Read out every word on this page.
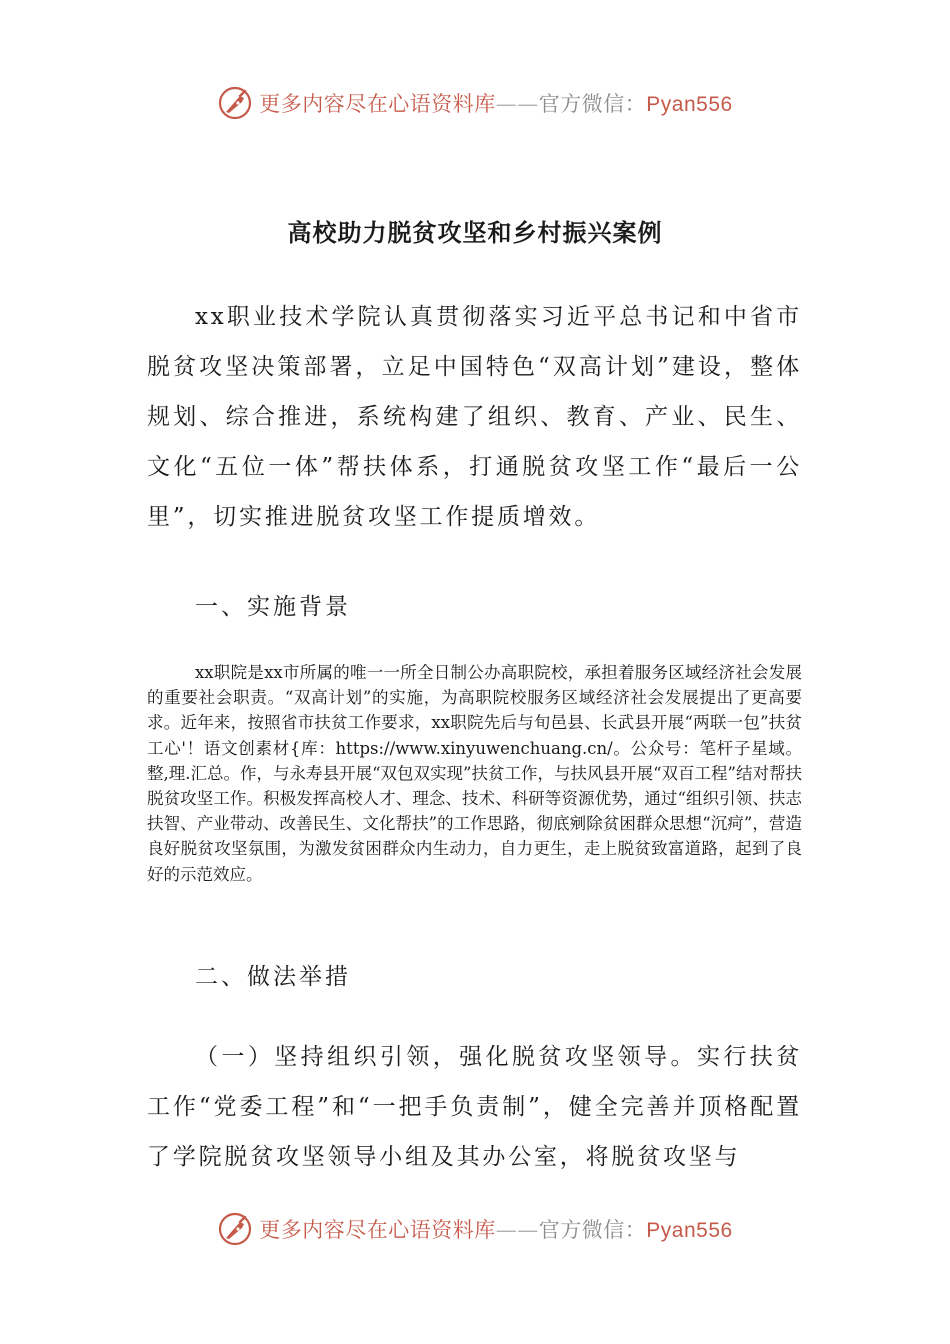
更多内容尽在心语资料库——官方微信：Pyan556
高校助力脱贫攻坚和乡村振兴案例

xx职业技术学院认真贯彻落实习近平总书记和中省市脱贫攻坚决策部署，立足中国特色“双高计划”建设，整体规划、综合推进，系统构建了组织、教育、产业、民生、文化“五位一体”帮扶体系，打通脱贫攻坚工作“最后一公里”，切实推进脱贫攻坚工作提质增效。

一、实施背景

xx职院是xx市所属的唯一一所全日制公办高职院校，承担着服务区域经济社会发展的重要社会职责。“双高计划”的实施，为高职院校服务区域经济社会发展提出了更高要求。近年来，按照省市扶贫工作要求，xx职院先后与旬邑县、长武县开展“两联一包”扶贫工心'！语文创素材{库：https://www.xinyuwenchuang.cn/。公众号：笔杆子星域。整,理.汇总。作，与永寿县开展“双包双实现”扶贫工作，与扶风县开展“双百工程”结对帮扶脱贫攻坚工作。积极发挥高校人才、理念、技术、科研等资源优势，通过“组织引领、扶志扶智、产业带动、改善民生、文化帮扶”的工作思路，彻底剜除贫困群众思想“沉疴”，营造良好脱贫攻坚氛围，为激发贫困群众内生动力，自力更生，走上脱贫致富道路，起到了良好的示范效应。

二、做法举措

（一）坚持组织引领，强化脱贫攻坚领导。实行扶贫工作“党委工程”和“一把手负责制”，健全完善并顶格配置了学院脱贫攻坚领导小组及其办公室，将脱贫攻坚与

更多内容尽在心语资料库——官方微信：Pyan556
